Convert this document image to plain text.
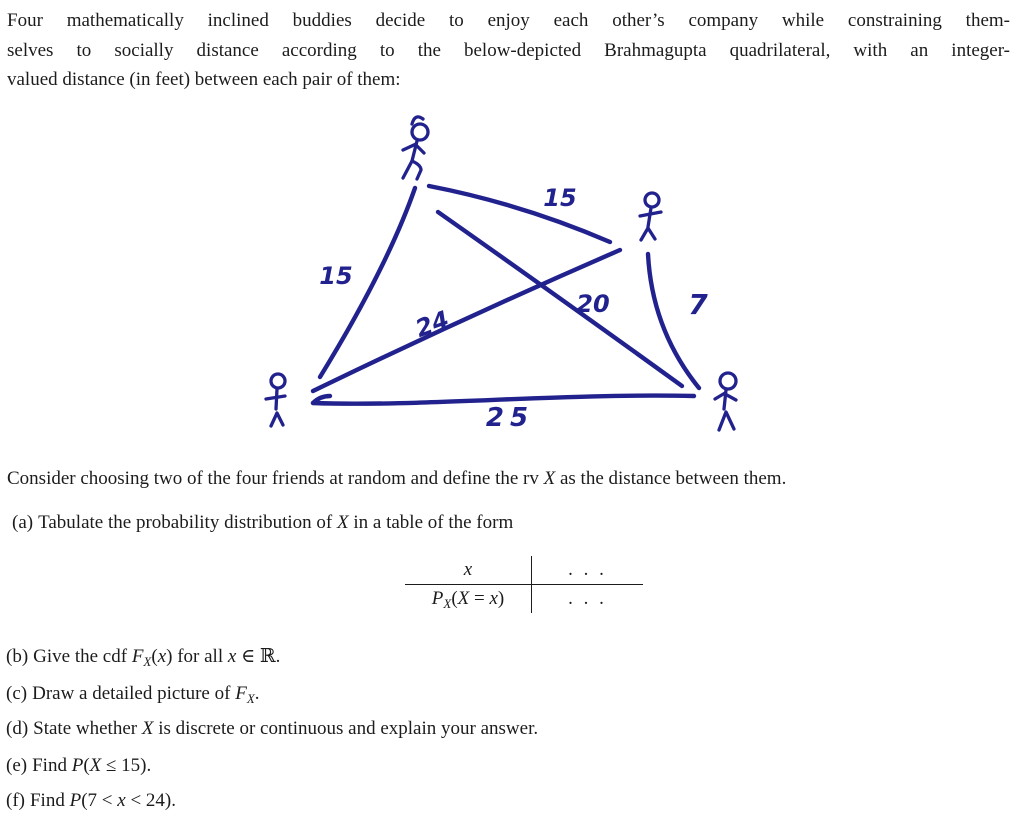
Four mathematically inclined buddies decide to enjoy each other’s company while constraining them-
selves to socially distance according to the below-depicted Brahmagupta quadrilateral, with an integer-
valued distance (in feet) between each pair of them:
15
15
24
20	7
25
Consider choosing two of the four friends at random and define the rv X as the distance between them.
(a) Tabulate the probability distribution of X in a table of the form
x	. . .
$P_X(X = x)$	. . .
(b) Give the cdf $F_X(x)$ for all x ∈ ℝ.
(c) Draw a detailed picture of $F_X$.
(d) State whether X is discrete or continuous and explain your answer.
(e) Find P(X ≤ 15).
(f) Find P(7 < x < 24).
